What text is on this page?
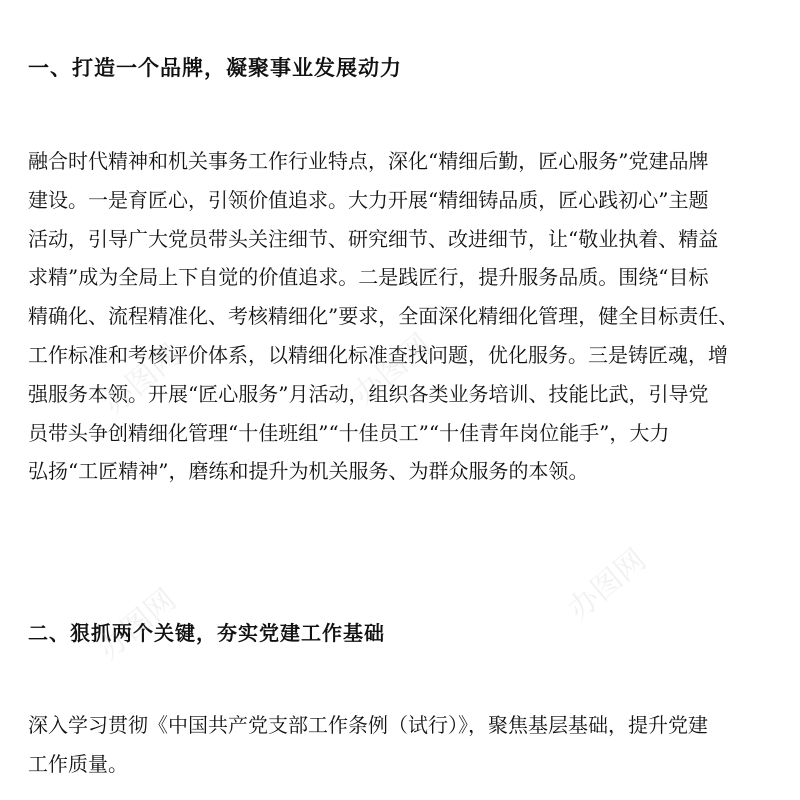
一、打造一个品牌，凝聚事业发展动力
融合时代精神和机关事务工作行业特点，深化“精细后勤，匠心服务”党建品牌
建设。一是育匠心，引领价值追求。大力开展“精细铸品质，匠心践初心”主题
活动，引导广大党员带头关注细节、研究细节、改进细节，让“敬业执着、精益
求精”成为全局上下自觉的价值追求。二是践匠行，提升服务品质。围绕“目标
精确化、流程精准化、考核精细化”要求，全面深化精细化管理，健全目标责任、
工作标准和考核评价体系，以精细化标准查找问题，优化服务。三是铸匠魂，增
强服务本领。开展“匠心服务”月活动，组织各类业务培训、技能比武，引导党
员带头争创精细化管理“十佳班组”“十佳员工”“十佳青年岗位能手”，大力
弘扬“工匠精神”，磨练和提升为机关服务、为群众服务的本领。
二、狠抓两个关键，夯实党建工作基础
深入学习贯彻《中国共产党支部工作条例（试行）》，聚焦基层基础，提升党建
工作质量。
办图网	办图网
办图网
办图网
